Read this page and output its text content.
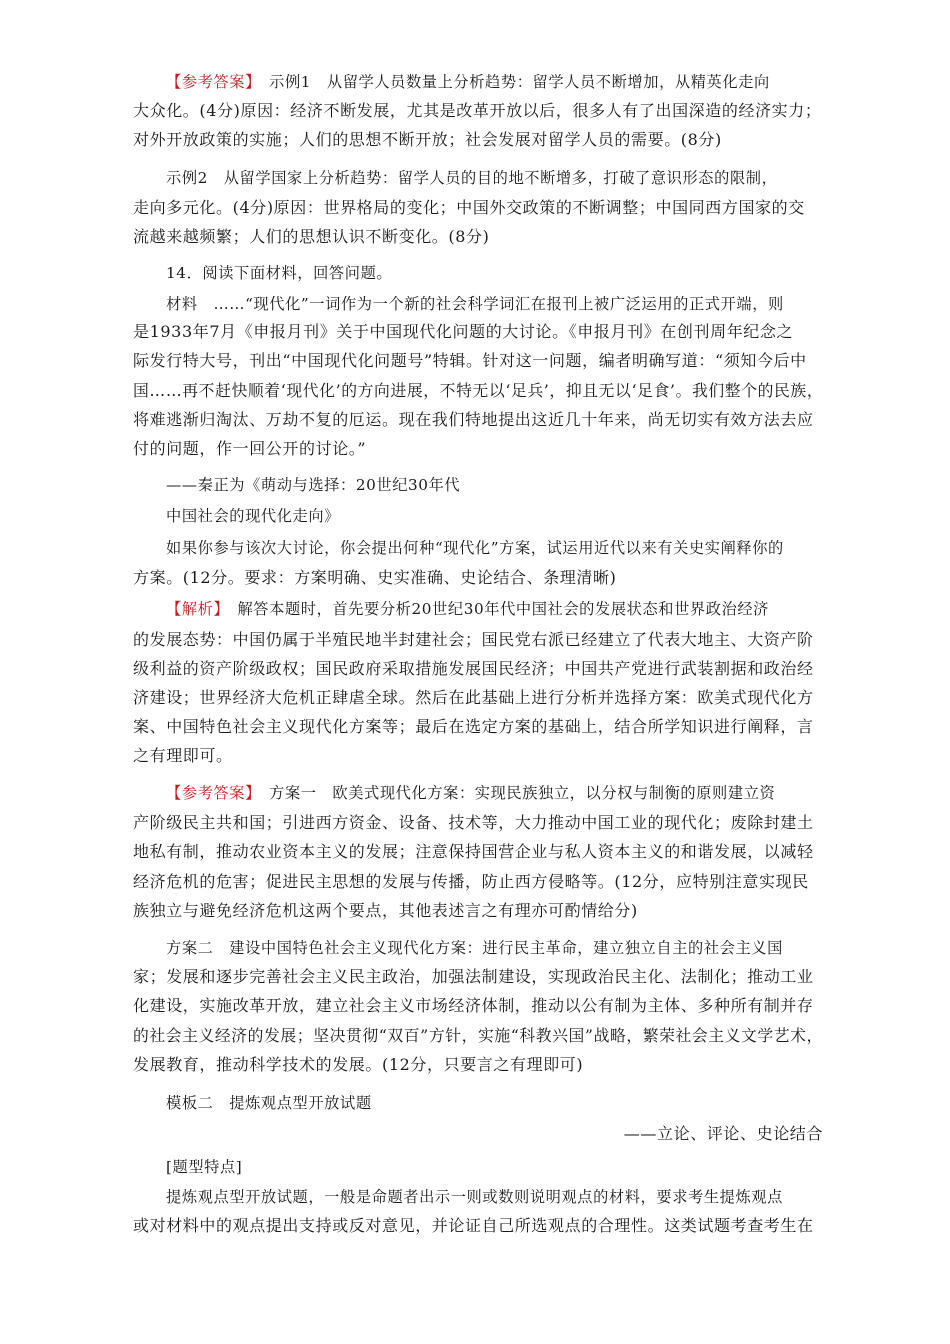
【参考答案】　示例1　从留学人员数量上分析趋势：留学人员不断增加，从精英化走向
大众化。(4分)原因：经济不断发展，尤其是改革开放以后，很多人有了出国深造的经济实力；
对外开放政策的实施；人们的思想不断开放；社会发展对留学人员的需要。(8分)
示例2　从留学国家上分析趋势：留学人员的目的地不断增多，打破了意识形态的限制，
走向多元化。(4分)原因：世界格局的变化；中国外交政策的不断调整；中国同西方国家的交
流越来越频繁；人们的思想认识不断变化。(8分)
14．阅读下面材料，回答问题。
材料　……“现代化”一词作为一个新的社会科学词汇在报刊上被广泛运用的正式开端，则
是1933年7月《申报月刊》关于中国现代化问题的大讨论。《申报月刊》在创刊周年纪念之
际发行特大号，刊出“中国现代化问题号”特辑。针对这一问题，编者明确写道：“须知今后中
国……再不赶快顺着‘现代化’的方向进展，不特无以‘足兵’，抑且无以‘足食’。我们整个的民族，
将难逃渐归淘汰、万劫不复的厄运。现在我们特地提出这近几十年来，尚无切实有效方法去应
付的问题，作一回公开的讨论。”
——秦正为《萌动与选择：20世纪30年代
中国社会的现代化走向》
如果你参与该次大讨论，你会提出何种“现代化”方案，试运用近代以来有关史实阐释你的
方案。(12分。要求：方案明确、史实准确、史论结合、条理清晰)
【解析】　解答本题时，首先要分析20世纪30年代中国社会的发展状态和世界政治经济
的发展态势：中国仍属于半殖民地半封建社会；国民党右派已经建立了代表大地主、大资产阶
级利益的资产阶级政权；国民政府采取措施发展国民经济；中国共产党进行武装割据和政治经
济建设；世界经济大危机正肆虐全球。然后在此基础上进行分析并选择方案：欧美式现代化方
案、中国特色社会主义现代化方案等；最后在选定方案的基础上，结合所学知识进行阐释，言
之有理即可。
【参考答案】　方案一　欧美式现代化方案：实现民族独立，以分权与制衡的原则建立资
产阶级民主共和国；引进西方资金、设备、技术等，大力推动中国工业的现代化；废除封建土
地私有制，推动农业资本主义的发展；注意保持国营企业与私人资本主义的和谐发展，以减轻
经济危机的危害；促进民主思想的发展与传播，防止西方侵略等。(12分，应特别注意实现民
族独立与避免经济危机这两个要点，其他表述言之有理亦可酌情给分)
方案二　建设中国特色社会主义现代化方案：进行民主革命，建立独立自主的社会主义国
家；发展和逐步完善社会主义民主政治，加强法制建设，实现政治民主化、法制化；推动工业
化建设，实施改革开放，建立社会主义市场经济体制，推动以公有制为主体、多种所有制并存
的社会主义经济的发展；坚决贯彻“双百”方针，实施“科教兴国”战略，繁荣社会主义文学艺术，
发展教育，推动科学技术的发展。(12分，只要言之有理即可)
模板二　提炼观点型开放试题
——立论、评论、史论结合
[题型特点]
提炼观点型开放试题，一般是命题者出示一则或数则说明观点的材料，要求考生提炼观点
或对材料中的观点提出支持或反对意见，并论证自己所选观点的合理性。这类试题考查考生在
